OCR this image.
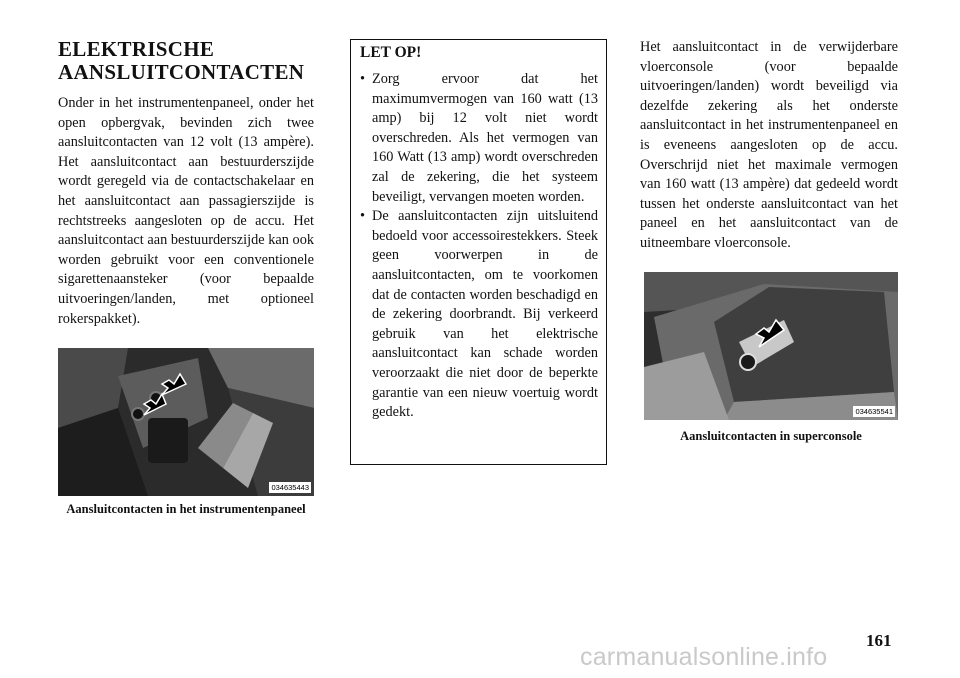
ELEKTRISCHE AANSLUITCONTACTEN

Onder in het instrumentenpaneel, onder het open opbergvak, bevinden zich twee aansluitcontacten van 12 volt (13 ampère). Het aansluitcontact aan bestuurderszijde wordt geregeld via de contactschakelaar en het aansluitcontact aan passagierszijde is rechtstreeks aangesloten op de accu. Het aansluitcontact aan bestuurderszijde kan ook worden gebruikt voor een conventionele sigarettenaansteker (voor bepaalde uitvoeringen/landen, met optioneel rokerspakket).

034635443
Aansluitcontacten in het instrumentenpaneel
LET OP!
• Zorg ervoor dat het maximumvermogen van 160 watt (13 amp) bij 12 volt niet wordt overschreden. Als het vermogen van 160 Watt (13 amp) wordt overschreden zal de zekering, die het systeem beveiligt, vervangen moeten worden.
• De aansluitcontacten zijn uitsluitend bedoeld voor accessoirestekkers. Steek geen voorwerpen in de aansluitcontacten, om te voorkomen dat de contacten worden beschadigd en de zekering doorbrandt. Bij verkeerd gebruik van het elektrische aansluitcontact kan schade worden veroorzaakt die niet door de beperkte garantie van een nieuw voertuig wordt gedekt.

Het aansluitcontact in de verwijderbare vloerconsole (voor bepaalde uitvoeringen/landen) wordt beveiligd via dezelfde zekering als het onderste aansluitcontact in het instrumentenpaneel en is eveneens aangesloten op de accu. Overschrijd niet het maximale vermogen van 160 watt (13 ampère) dat gedeeld wordt tussen het onderste aansluitcontact van het paneel en het aansluitcontact van de uitneembare vloerconsole.

034635541
Aansluitcontacten in superconsole
161
carmanualsonline.info
